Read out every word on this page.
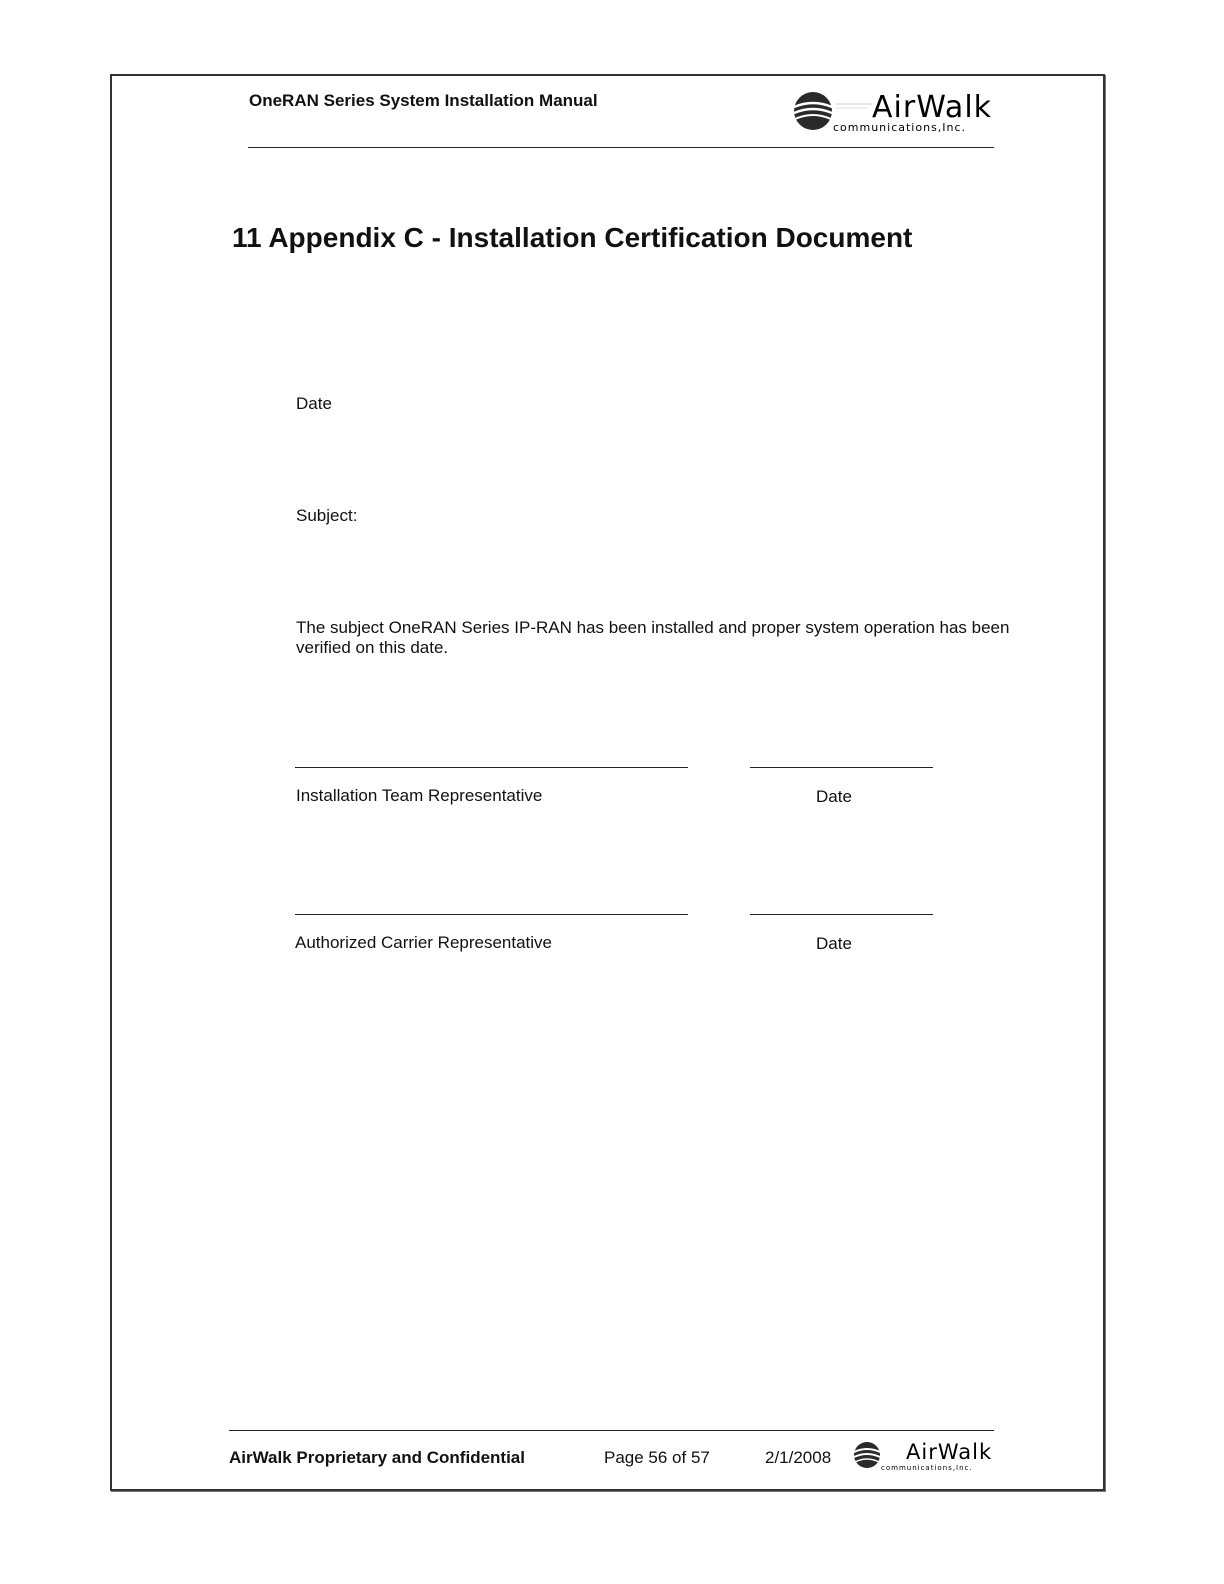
OneRAN Series System Installation Manual	AirWalk
communications,Inc.
11 Appendix C - Installation Certification Document
Date
Subject:
The subject OneRAN Series IP-RAN has been installed and proper system operation has been verified on this date.
Installation Team Representative	Date
Authorized Carrier Representative	Date
AirWalk Proprietary and Confidential	Page 56 of 57	2/1/2008	AirWalk
communications,Inc.
